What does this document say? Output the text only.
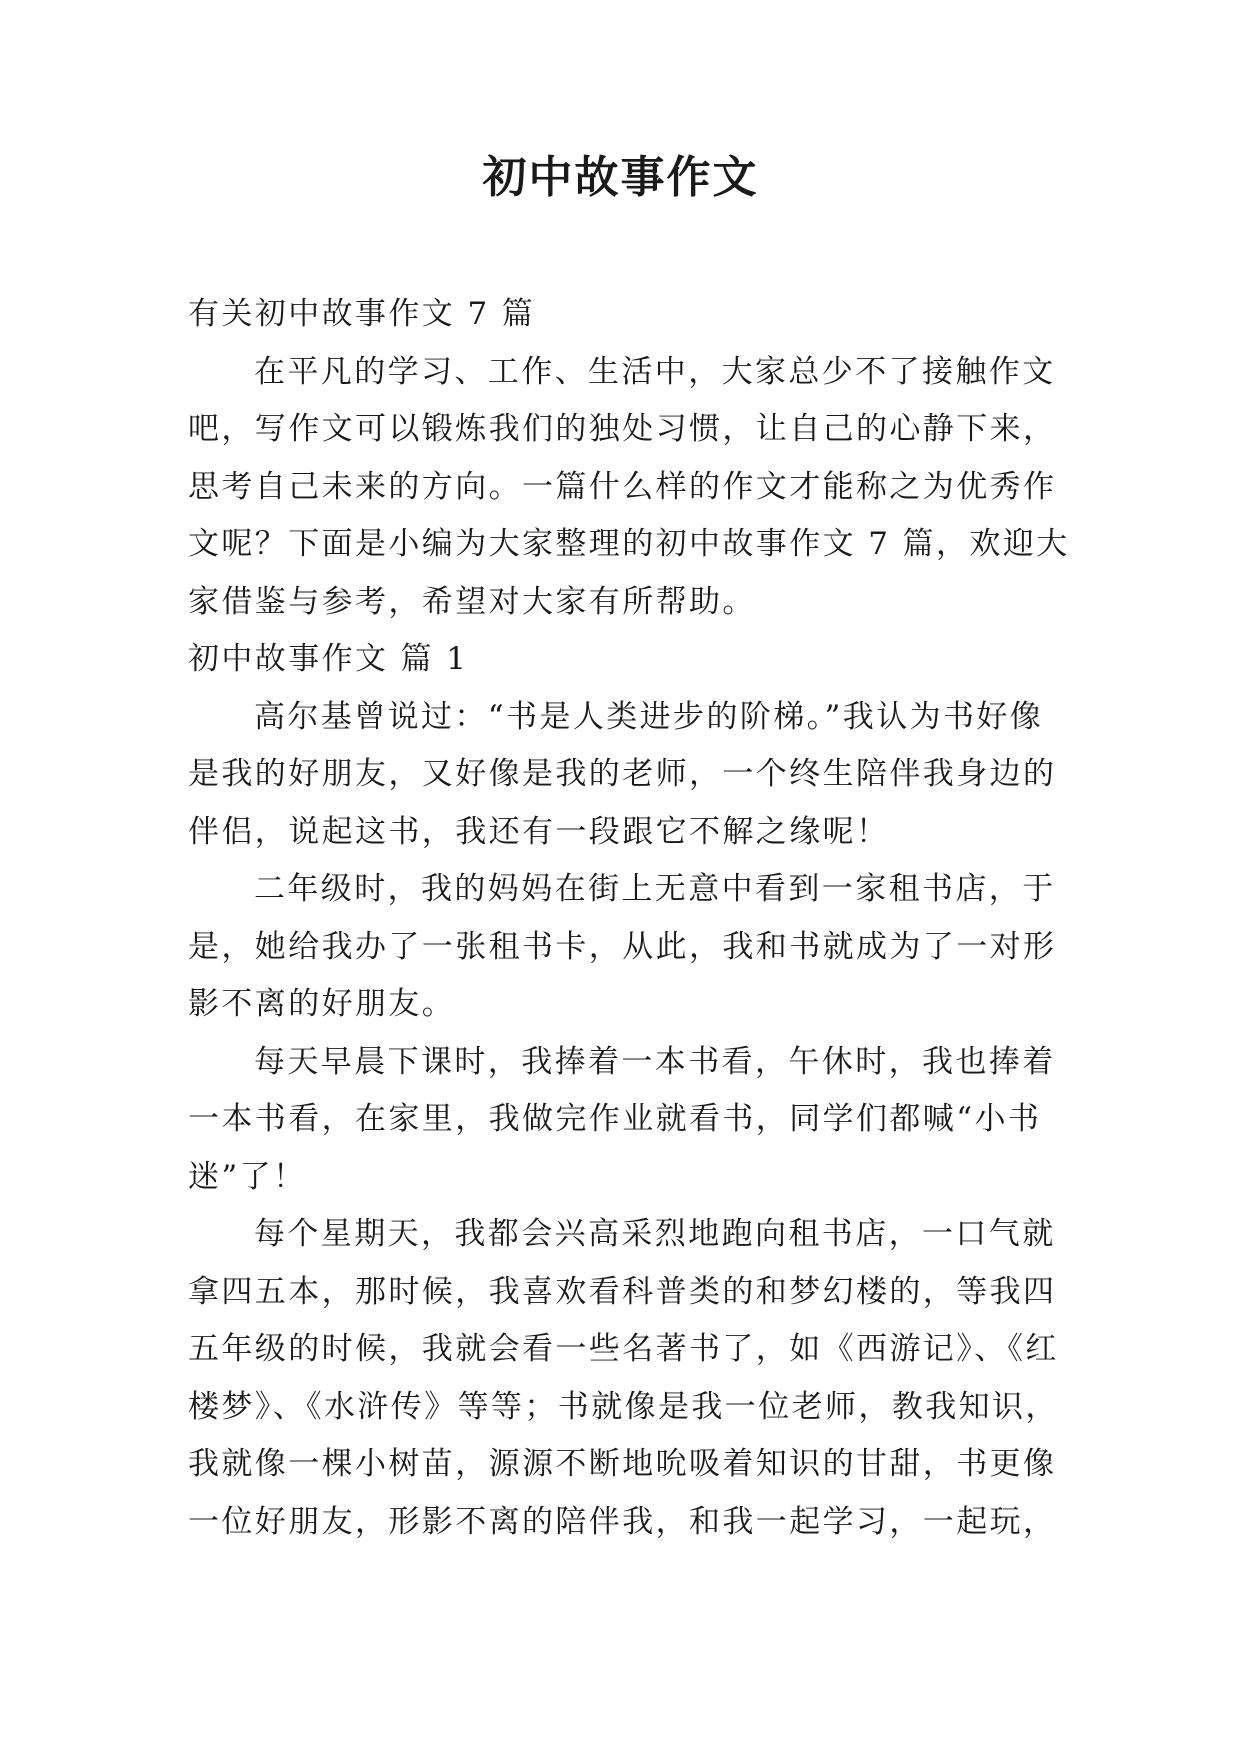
初中故事作文
有关初中故事作文 7 篇
在平凡的学习、工作、生活中，大家总少不了接触作文
吧，写作文可以锻炼我们的独处习惯，让自己的心静下来，
思考自己未来的方向。一篇什么样的作文才能称之为优秀作
文呢？下面是小编为大家整理的初中故事作文 7 篇，欢迎大
家借鉴与参考，希望对大家有所帮助。
初中故事作文 篇 1
高尔基曾说过：“书是人类进步的阶梯。”我认为书好像
是我的好朋友，又好像是我的老师，一个终生陪伴我身边的
伴侣，说起这书，我还有一段跟它不解之缘呢！
二年级时，我的妈妈在街上无意中看到一家租书店，于
是，她给我办了一张租书卡，从此，我和书就成为了一对形
影不离的好朋友。
每天早晨下课时，我捧着一本书看，午休时，我也捧着
一本书看，在家里，我做完作业就看书，同学们都喊“小书
迷”了！
每个星期天，我都会兴高采烈地跑向租书店，一口气就
拿四五本，那时候，我喜欢看科普类的和梦幻楼的，等我四
五年级的时候，我就会看一些名著书了，如《西游记》、《红
楼梦》、《水浒传》等等；书就像是我一位老师，教我知识，
我就像一棵小树苗，源源不断地吮吸着知识的甘甜，书更像
一位好朋友，形影不离的陪伴我，和我一起学习，一起玩，
